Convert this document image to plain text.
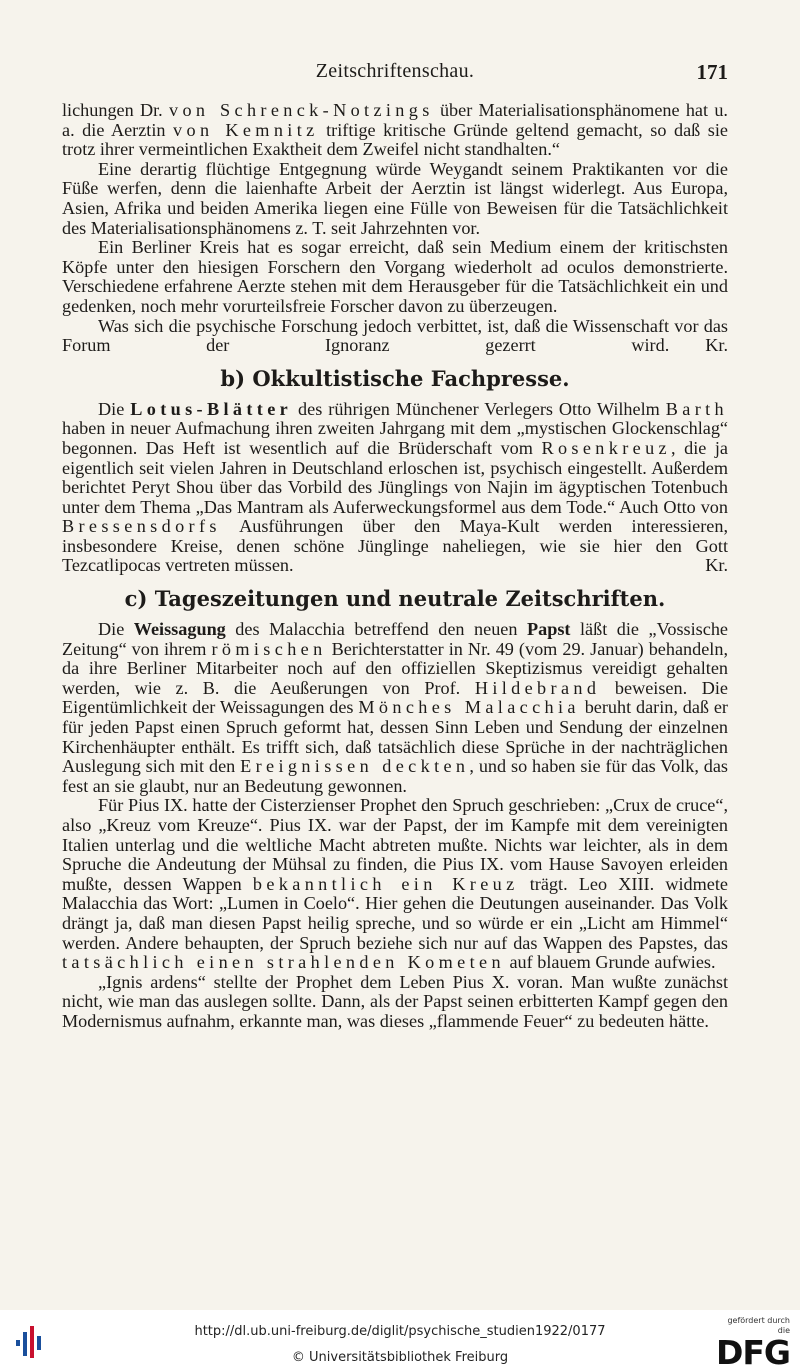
Zeitschriftenschau.	171

lichungen Dr. von Schrenck-Notzings über Materialisationsphänomene hat u. a. die Aerztin von Kemnitz triftige kritische Gründe geltend gemacht, so daß sie trotz ihrer vermeintlichen Exaktheit dem Zweifel nicht standhalten.“

Eine derartig flüchtige Entgegnung würde Weygandt seinem Praktikanten vor die Füße werfen, denn die laienhafte Arbeit der Aerztin ist längst widerlegt. Aus Europa, Asien, Afrika und beiden Amerika liegen eine Fülle von Beweisen für die Tatsächlichkeit des Materialisationsphänomens z. T. seit Jahrzehnten vor.

Ein Berliner Kreis hat es sogar erreicht, daß sein Medium einem der kritischsten Köpfe unter den hiesigen Forschern den Vorgang wiederholt ad oculos demonstrierte. Verschiedene erfahrene Aerzte stehen mit dem Herausgeber für die Tatsächlichkeit ein und gedenken, noch mehr vorurteilsfreie Forscher davon zu überzeugen.

Was sich die psychische Forschung jedoch verbittet, ist, daß die Wissenschaft vor das Forum der Ignoranz gezerrt wird.	Kr.

b) Okkultistische Fachpresse.

Die Lotus-Blätter des rührigen Münchener Verlegers Otto Wilhelm Barth haben in neuer Aufmachung ihren zweiten Jahrgang mit dem „mystischen Glockenschlag“ begonnen. Das Heft ist wesentlich auf die Brüderschaft vom Rosenkreuz, die ja eigentlich seit vielen Jahren in Deutschland erloschen ist, psychisch eingestellt. Außerdem berichtet Peryt Shou über das Vorbild des Jünglings von Najin im ägyptischen Totenbuch unter dem Thema „Das Mantram als Auferweckungsformel aus dem Tode.“ Auch Otto von Bressensdorfs Ausführungen über den Maya-Kult werden interessieren, insbesondere Kreise, denen schöne Jünglinge naheliegen, wie sie hier den Gott Tezcatlipocas vertreten müssen.	Kr.

c) Tageszeitungen und neutrale Zeitschriften.

Die Weissagung des Malacchia betreffend den neuen Papst läßt die „Vossische Zeitung“ von ihrem römischen Berichterstatter in Nr. 49 (vom 29. Januar) behandeln, da ihre Berliner Mitarbeiter noch auf den offiziellen Skeptizismus vereidigt gehalten werden, wie z. B. die Aeußerungen von Prof. Hildebrand beweisen. Die Eigentümlichkeit der Weissagungen des Mönches Malacchia beruht darin, daß er für jeden Papst einen Spruch geformt hat, dessen Sinn Leben und Sendung der einzelnen Kirchenhäupter enthält. Es trifft sich, daß tatsächlich diese Sprüche in der nachträglichen Auslegung sich mit den Ereignissen deckten, und so haben sie für das Volk, das fest an sie glaubt, nur an Bedeutung gewonnen.

Für Pius IX. hatte der Cisterzienser Prophet den Spruch geschrieben: „Crux de cruce“, also „Kreuz vom Kreuze“. Pius IX. war der Papst, der im Kampfe mit dem vereinigten Italien unterlag und die weltliche Macht abtreten mußte. Nichts war leichter, als in dem Spruche die Andeutung der Mühsal zu finden, die Pius IX. vom Hause Savoyen erleiden mußte, dessen Wappen bekanntlich ein Kreuz trägt. Leo XIII. widmete Malacchia das Wort: „Lumen in Coelo“. Hier gehen die Deutungen auseinander. Das Volk drängt ja, daß man diesen Papst heilig spreche, und so würde er ein „Licht am Himmel“ werden. Andere behaupten, der Spruch beziehe sich nur auf das Wappen des Papstes, das tatsächlich einen strahlenden Kometen auf blauem Grunde aufwies.

„Ignis ardens“ stellte der Prophet dem Leben Pius X. voran. Man wußte zunächst nicht, wie man das auslegen sollte. Dann, als der Papst seinen erbitterten Kampf gegen den Modernismus aufnahm, erkannte man, was dieses „flammende Feuer“ zu bedeuten hätte.

http://dl.ub.uni-freiburg.de/diglit/psychische_studien1922/0177
© Universitätsbibliothek Freiburg
gefördert durch die
DFG
